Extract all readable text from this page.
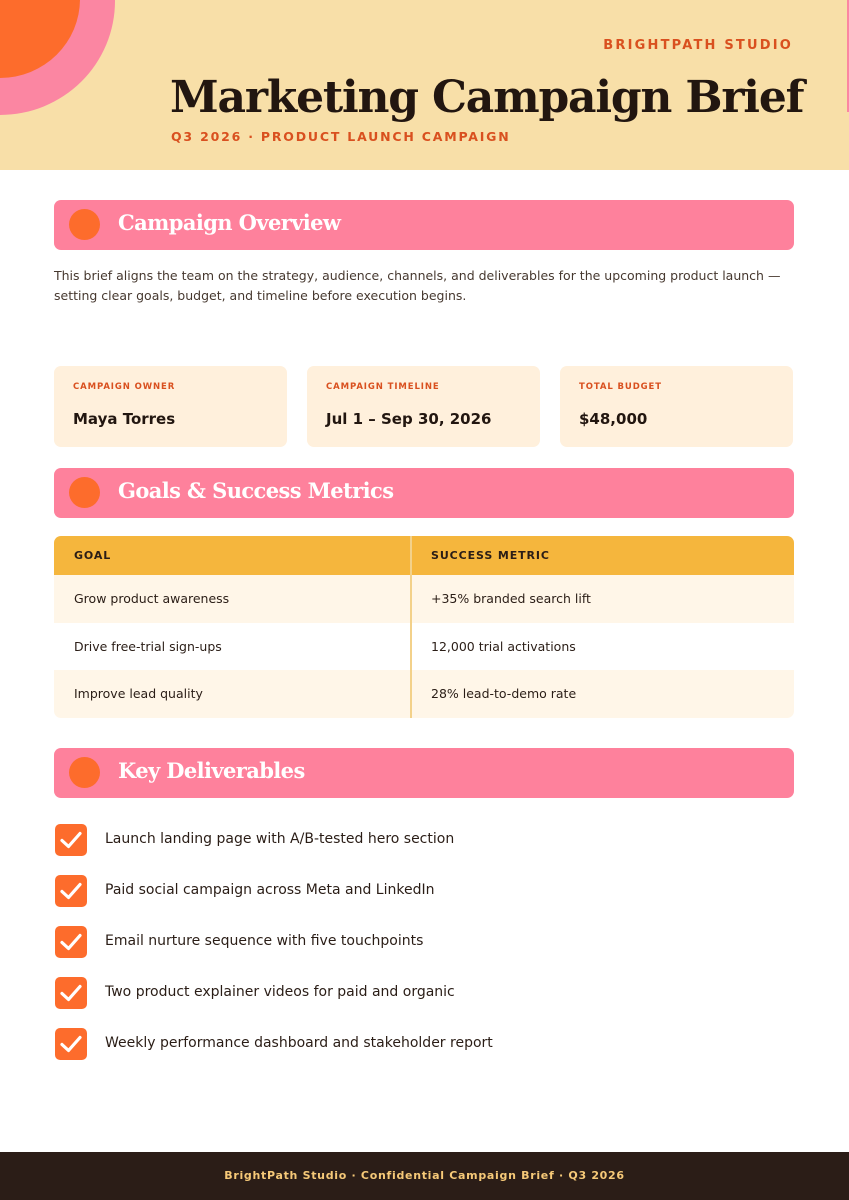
BRIGHTPATH STUDIO
Marketing Campaign Brief
Q3 2026 · PRODUCT LAUNCH CAMPAIGN
Campaign Overview

This brief aligns the team on the strategy, audience, channels, and deliverables for the upcoming product launch — setting clear goals, budget, and timeline before execution begins.

CAMPAIGN OWNER
Maya Torres
CAMPAIGN TIMELINE
Jul 1 – Sep 30, 2026
TOTAL BUDGET
$48,000
Goals & Success Metrics
GOAL	SUCCESS METRIC
Grow product awareness	+35% branded search lift
Drive free-trial sign-ups	12,000 trial activations
Improve lead quality	28% lead-to-demo rate
Key Deliverables
Launch landing page with A/B-tested hero section
Paid social campaign across Meta and LinkedIn
Email nurture sequence with five touchpoints
Two product explainer videos for paid and organic
Weekly performance dashboard and stakeholder report
BrightPath Studio · Confidential Campaign Brief · Q3 2026
